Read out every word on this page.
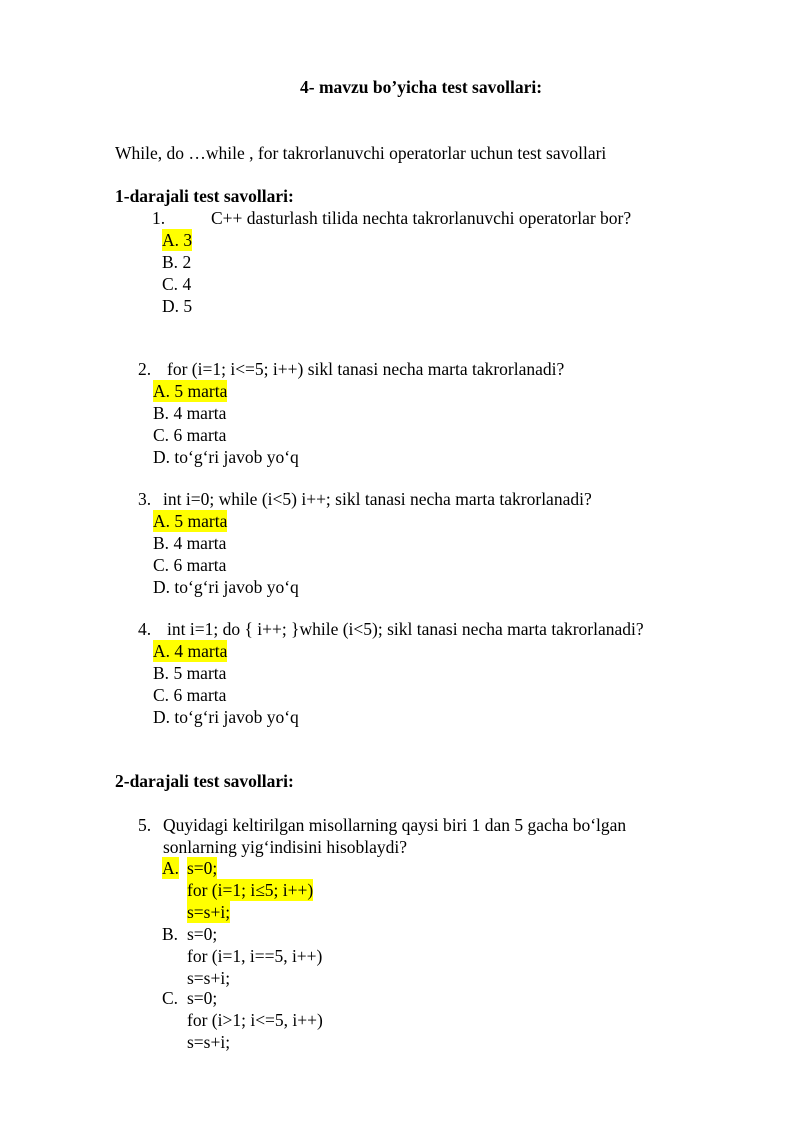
4- mavzu bo’yicha test savollari:
While, do …while , for takrorlanuvchi operatorlar uchun test savollari
1-darajali test savollari:
1.	C++ dasturlash tilida nechta takrorlanuvchi operatorlar bor?
A. 3
B. 2
C. 4
D. 5
2. for (i=1; i<=5; i++) sikl tanasi necha marta takrorlanadi?
A. 5 marta
B. 4 marta
C. 6 marta
D. to‘g‘ri javob yo‘q
3. int i=0; while (i<5) i++; sikl tanasi necha marta takrorlanadi?
A. 5 marta
B. 4 marta
C. 6 marta
D. to‘g‘ri javob yo‘q
4. int i=1; do { i++; }while (i<5); sikl tanasi necha marta takrorlanadi?
A. 4 marta
B. 5 marta
C. 6 marta
D. to‘g‘ri javob yo‘q
2-darajali test savollari:
5. Quyidagi keltirilgan misollarning qaysi biri 1 dan 5 gacha bo‘lgan
sonlarning yig‘indisini hisoblaydi?
A. s=0;
for (i=1; i≤5; i++)
s=s+i;
B. s=0;
for (i=1, i==5, i++)
s=s+i;
C. s=0;
for (i>1; i<=5, i++)
s=s+i;
